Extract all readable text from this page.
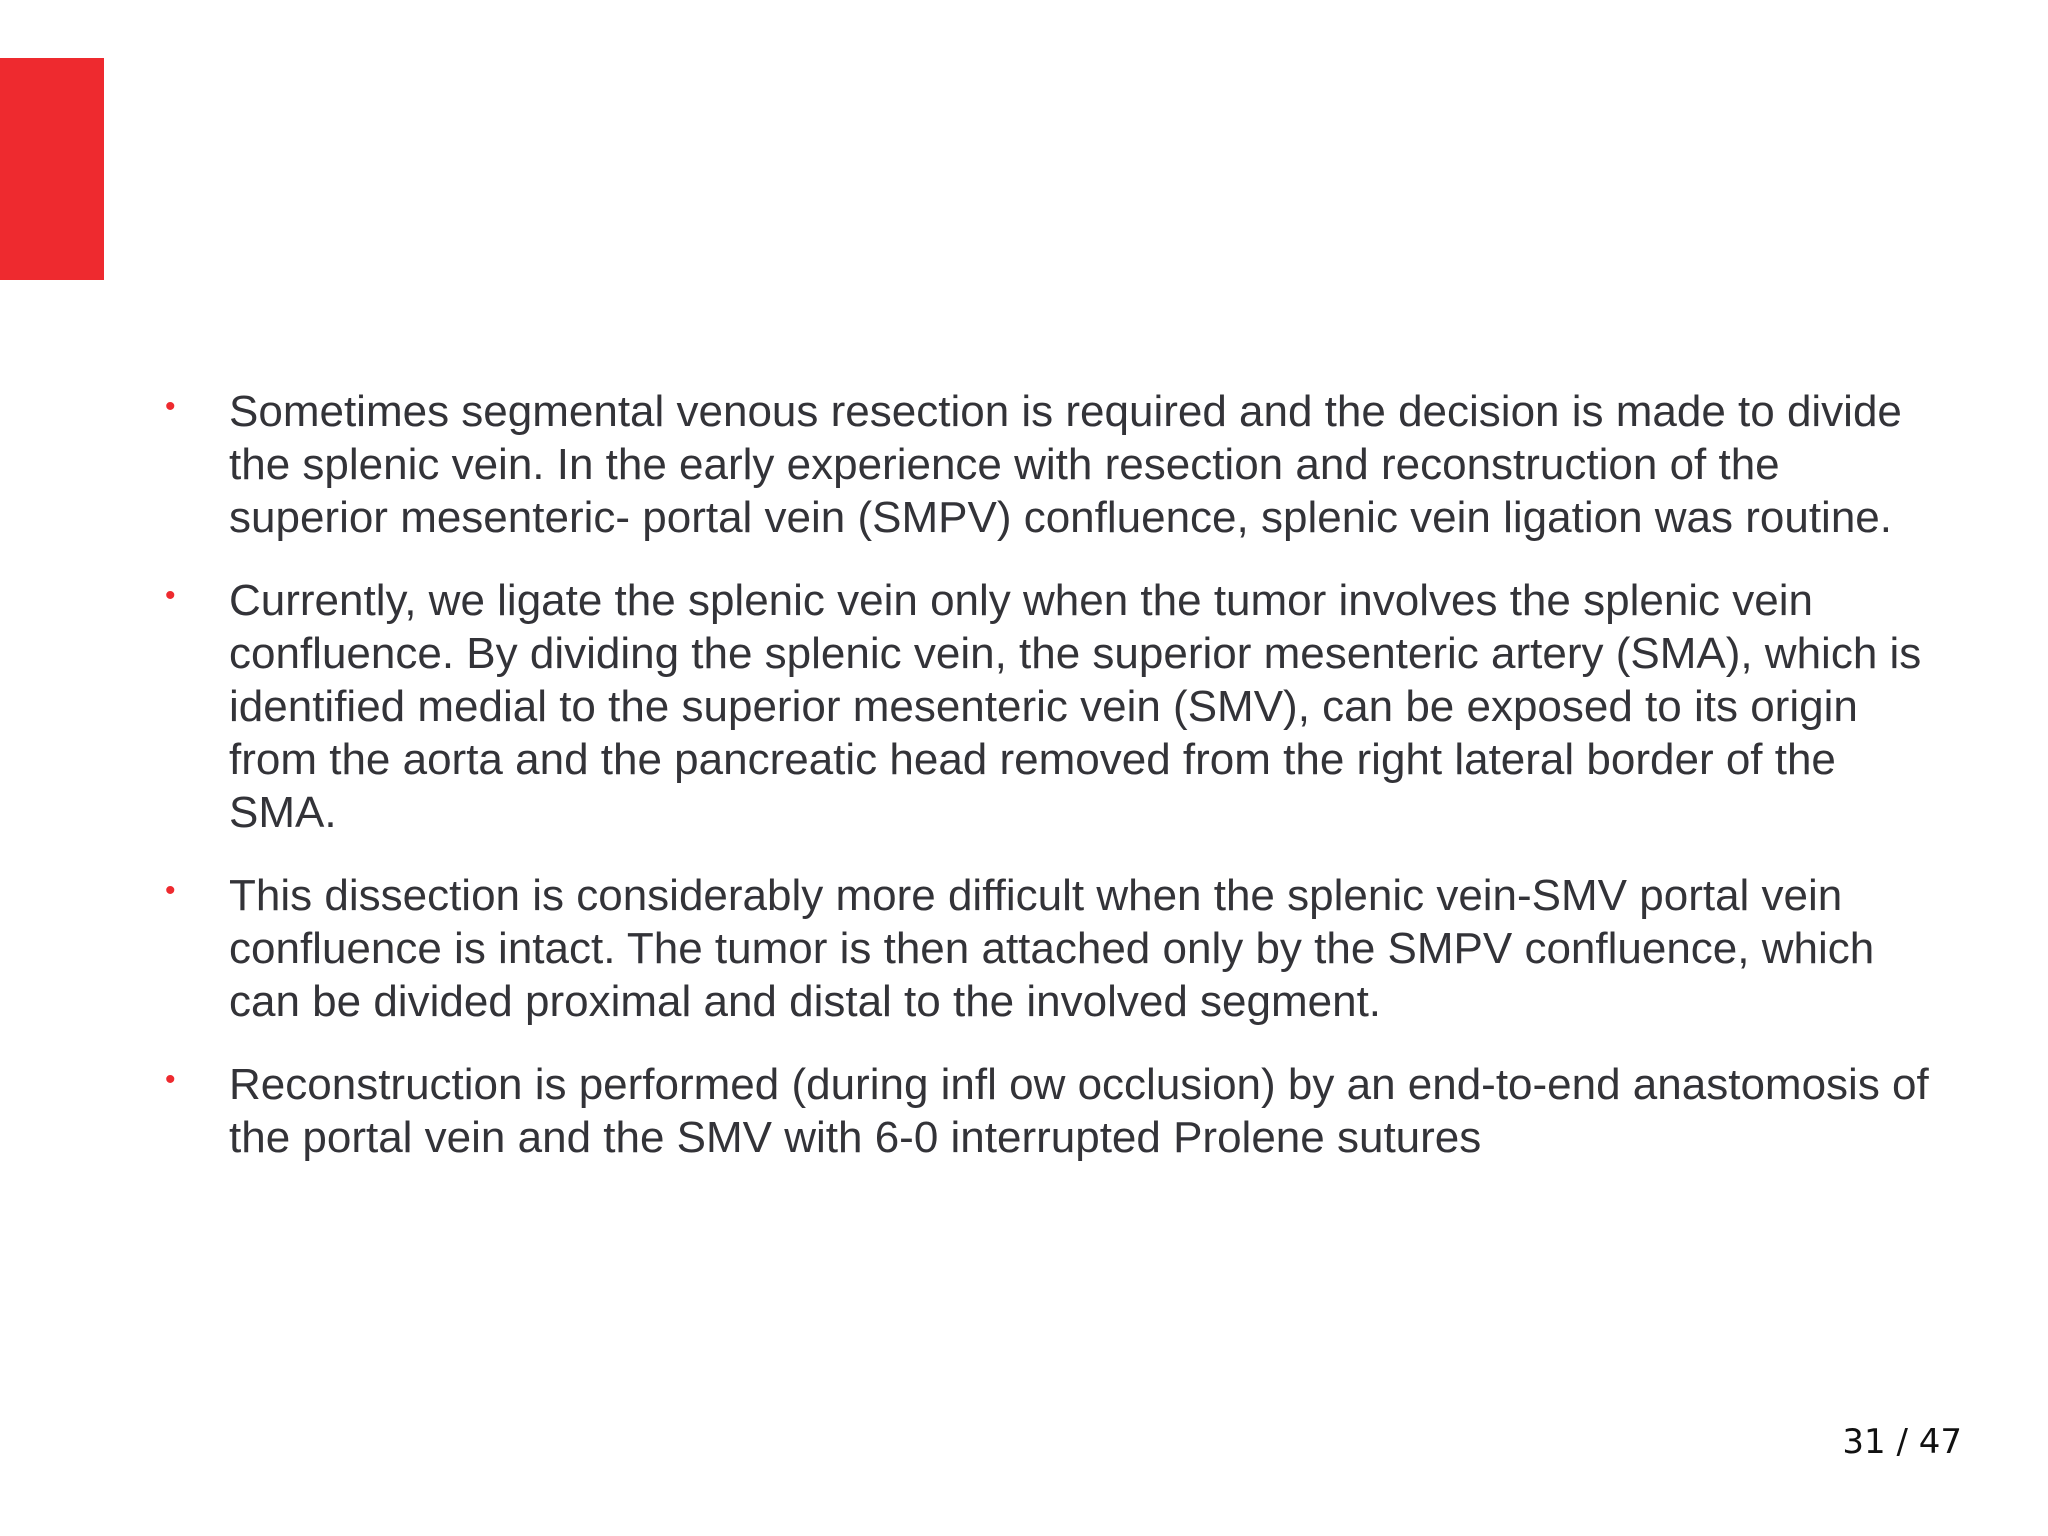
• Sometimes segmental venous resection is required and the decision is made to divide the splenic vein. In the early experience with resection and reconstruction of the superior mesenteric- portal vein (SMPV) confluence, splenic vein ligation was routine.
• Currently, we ligate the splenic vein only when the tumor involves the splenic vein confluence. By dividing the splenic vein, the superior mesenteric artery (SMA), which is identified medial to the superior mesenteric vein (SMV), can be exposed to its origin from the aorta and the pancreatic head removed from the right lateral border of the SMA.
• This dissection is considerably more difficult when the splenic vein-SMV portal vein confluence is intact. The tumor is then attached only by the SMPV confluence, which can be divided proximal and distal to the involved segment.
• Reconstruction is performed (during infl ow occlusion) by an end-to-end anastomosis of the portal vein and the SMV with 6-0 interrupted Prolene sutures
31 / 47
